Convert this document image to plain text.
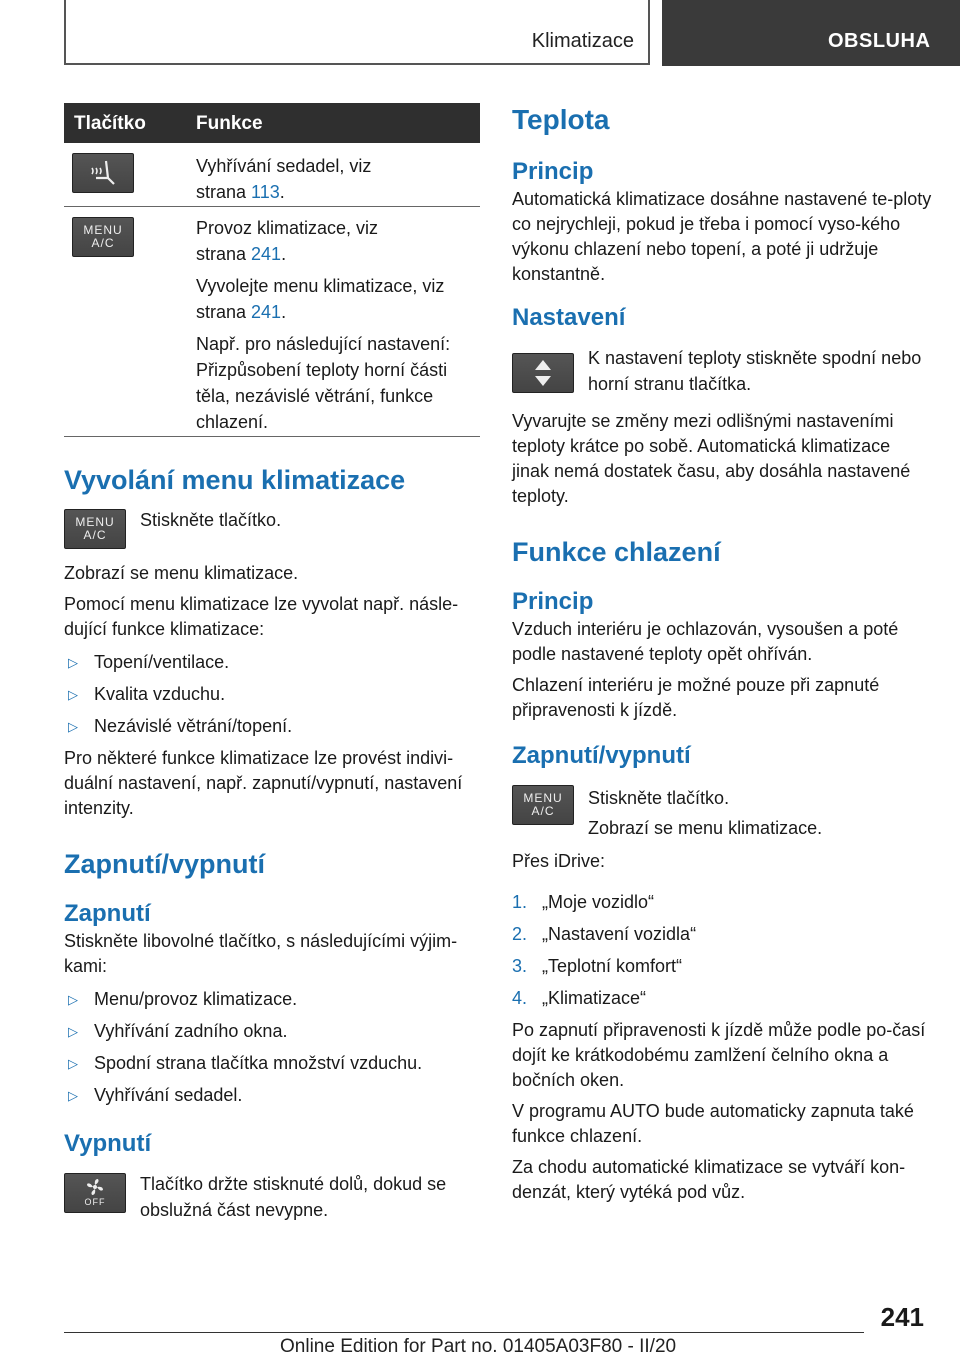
Klimatizace	OBSLUHA
Tlačítko	Funkce

Vyhřívání sedadel, viz
strana 113.

MENU
A/C

Provoz klimatizace, viz
strana 241.

Vyvolejte menu klimatizace, viz
strana 241.

Např. pro následující nastavení: Přizpůsobení teploty horní části těla, nezávislé větrání, funkce chlazení.

Vyvolání menu klimatizace
MENU
A/C
Stiskněte tlačítko.

Zobrazí se menu klimatizace.

Pomocí menu klimatizace lze vyvolat např. násle-dující funkce klimatizace:

▷ Topení/ventilace.
▷ Kvalita vzduchu.
▷ Nezávislé větrání/topení.

Pro některé funkce klimatizace lze provést indivi-duální nastavení, např. zapnutí/vypnutí, nastavení intenzity.

Zapnutí/vypnutí
Zapnutí

Stiskněte libovolné tlačítko, s následujícími výjim-kami:

▷ Menu/provoz klimatizace.
▷ Vyhřívání zadního okna.
▷ Spodní strana tlačítka množství vzduchu.
▷ Vyhřívání sedadel.
Vypnutí
OFF
Tlačítko držte stisknuté dolů, dokud se obslužná část nevypne.
Teplota
Princip

Automatická klimatizace dosáhne nastavené te-ploty co nejrychleji, pokud je třeba i pomocí vyso-kého výkonu chlazení nebo topení, a poté ji udržuje konstantně.

Nastavení
K nastavení teploty stiskněte spodní nebo horní stranu tlačítka.

Vyvarujte se změny mezi odlišnými nastaveními teploty krátce po sobě. Automatická klimatizace jinak nemá dostatek času, aby dosáhla nastavené teploty.

Funkce chlazení
Princip

Vzduch interiéru je ochlazován, vysoušen a poté podle nastavené teploty opět ohříván.

Chlazení interiéru je možné pouze při zapnuté připravenosti k jízdě.

Zapnutí/vypnutí
MENU
A/C
Stiskněte tlačítko.
Zobrazí se menu klimatizace.

Přes iDrive:

1. „Moje vozidlo“
2. „Nastavení vozidla“
3. „Teplotní komfort“
4. „Klimatizace“

Po zapnutí připravenosti k jízdě může podle po-časí dojít ke krátkodobému zamlžení čelního okna a bočních oken.

V programu AUTO bude automaticky zapnuta také funkce chlazení.

Za chodu automatické klimatizace se vytváří kon-denzát, který vytéká pod vůz.

241
Online Edition for Part no. 01405A03F80 - II/20
